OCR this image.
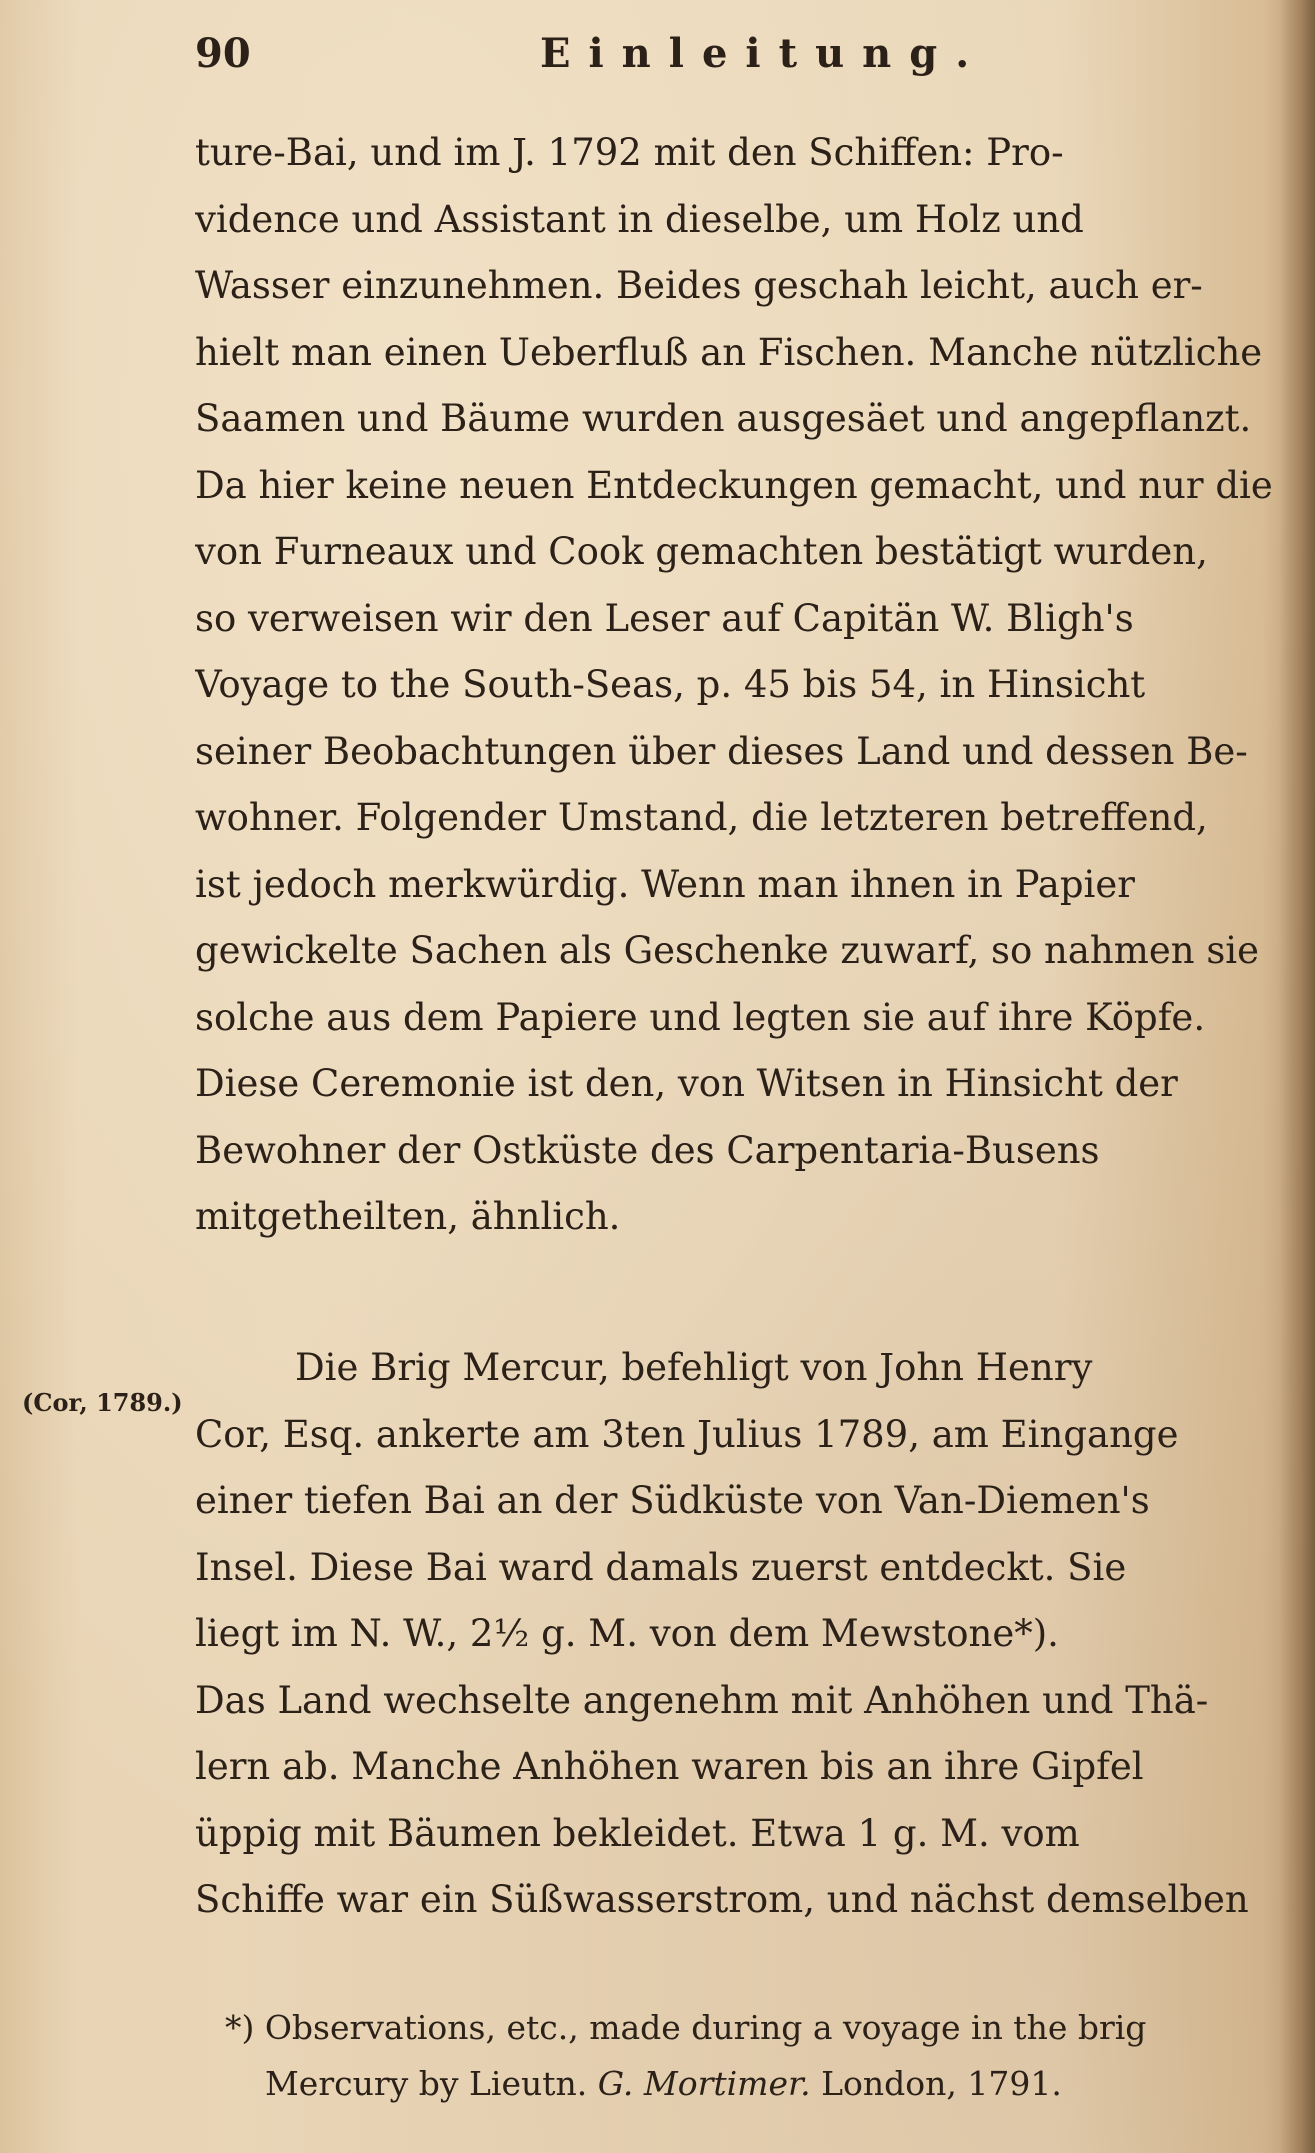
90	Einleitung.
ture-Bai, und im J. 1792 mit den Schiffen: Pro-
vidence und Assistant in dieselbe, um Holz und
Wasser einzunehmen. Beides geschah leicht, auch er-
hielt man einen Ueberfluß an Fischen. Manche nützliche
Saamen und Bäume wurden ausgesäet und angepflanzt.
Da hier keine neuen Entdeckungen gemacht, und nur die
von Furneaux und Cook gemachten bestätigt wurden,
so verweisen wir den Leser auf Capitän W. Bligh's
Voyage to the South-Seas, p. 45 bis 54, in Hinsicht
seiner Beobachtungen über dieses Land und dessen Be-
wohner. Folgender Umstand, die letzteren betreffend,
ist jedoch merkwürdig. Wenn man ihnen in Papier
gewickelte Sachen als Geschenke zuwarf, so nahmen sie
solche aus dem Papiere und legten sie auf ihre Köpfe.
Diese Ceremonie ist den, von Witsen in Hinsicht der
Bewohner der Ostküste des Carpentaria-Busens
mitgetheilten, ähnlich.
(Cor, 1789.)
Die Brig Mercur, befehligt von John Henry
Cor, Esq. ankerte am 3ten Julius 1789, am Eingange
einer tiefen Bai an der Südküste von Van-Diemen's
Insel. Diese Bai ward damals zuerst entdeckt. Sie
liegt im N. W., 2½ g. M. von dem Mewstone*).
Das Land wechselte angenehm mit Anhöhen und Thä-
lern ab. Manche Anhöhen waren bis an ihre Gipfel
üppig mit Bäumen bekleidet. Etwa 1 g. M. vom
Schiffe war ein Süßwasserstrom, und nächst demselben
*) Observations, etc., made during a voyage in the brig
Mercury by Lieutn. G. Mortimer. London, 1791.
